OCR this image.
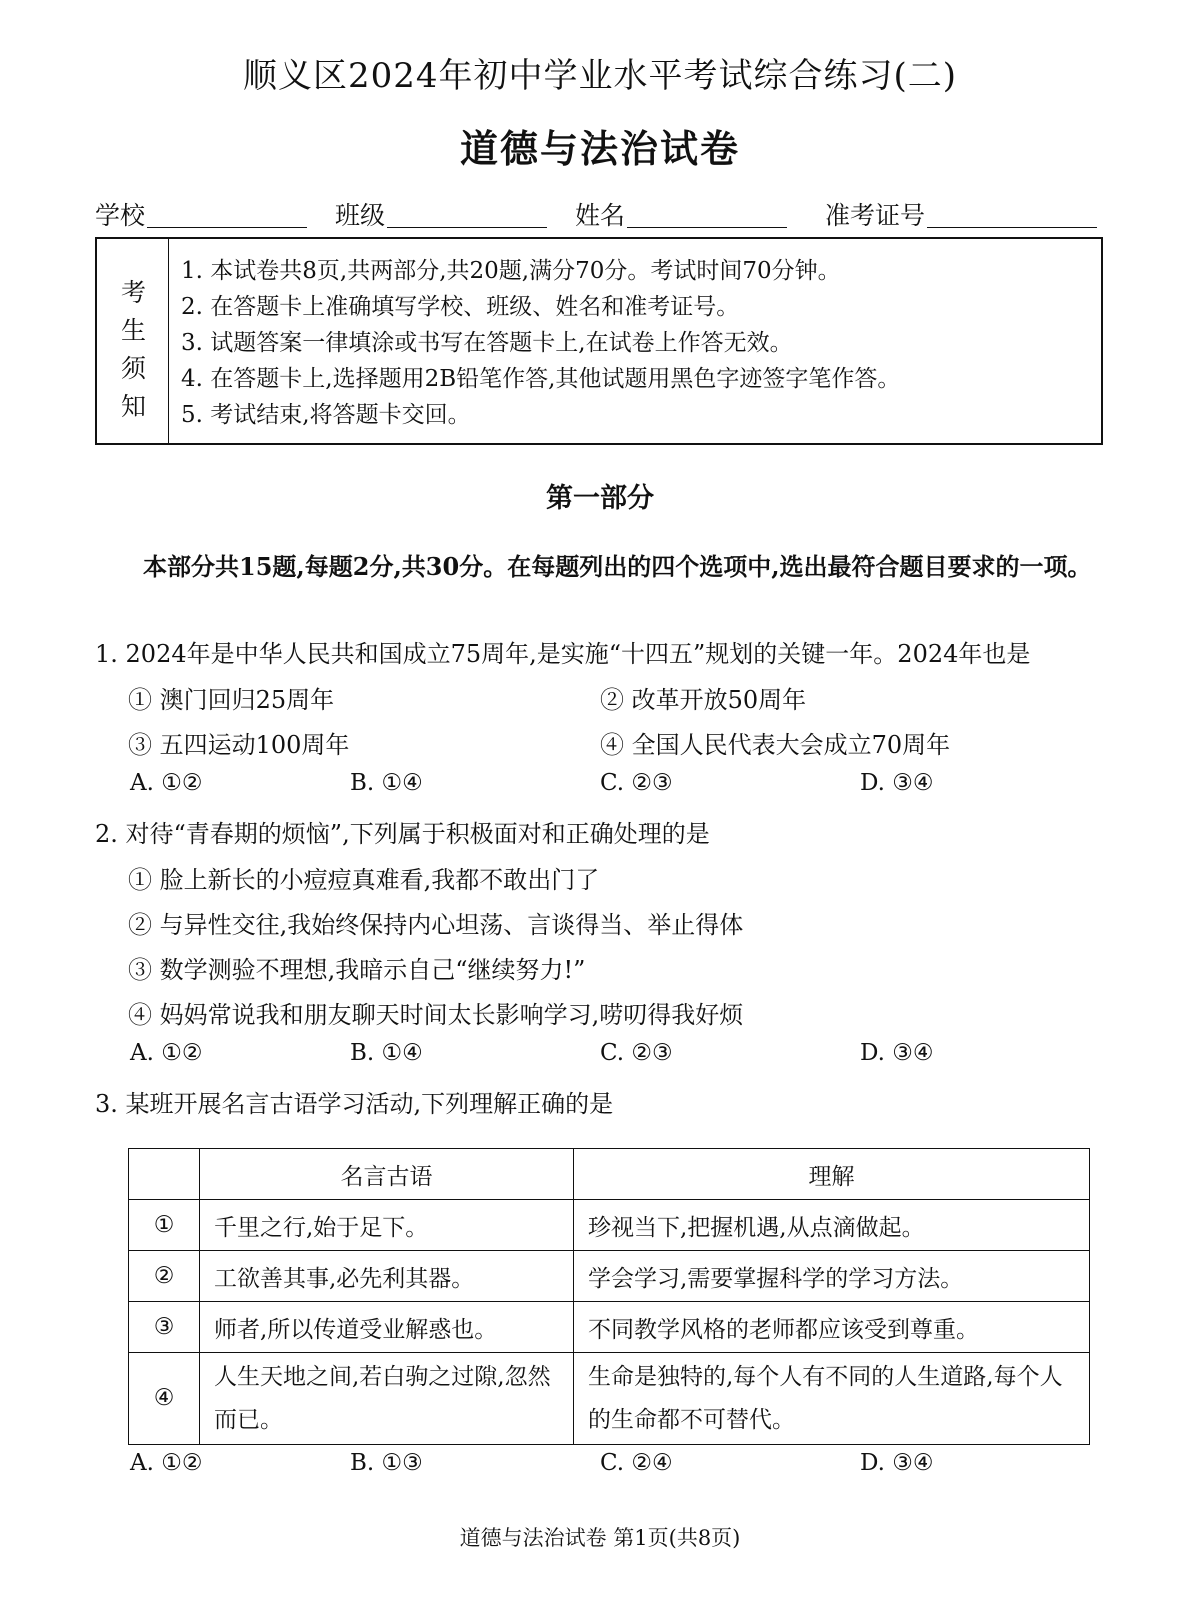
顺义区2024年初中学业水平考试综合练习(二)
道德与法治试卷
学校	班级	姓名	准考证号
考
生
须
知
1. 本试卷共8页,共两部分,共20题,满分70分。考试时间70分钟。
2. 在答题卡上准确填写学校、班级、姓名和准考证号。
3. 试题答案一律填涂或书写在答题卡上,在试卷上作答无效。
4. 在答题卡上,选择题用2B铅笔作答,其他试题用黑色字迹签字笔作答。
5. 考试结束,将答题卡交回。
第一部分
本部分共15题,每题2分,共30分。在每题列出的四个选项中,选出最符合题目要求的一项。
1. 2024年是中华人民共和国成立75周年,是实施“十四五”规划的关键一年。2024年也是
① 澳门回归25周年	② 改革开放50周年
③ 五四运动100周年	④ 全国人民代表大会成立70周年
A. ①②	B. ①④	C. ②③	D. ③④
2. 对待“青春期的烦恼”,下列属于积极面对和正确处理的是
① 脸上新长的小痘痘真难看,我都不敢出门了
② 与异性交往,我始终保持内心坦荡、言谈得当、举止得体
③ 数学测验不理想,我暗示自己“继续努力!”
④ 妈妈常说我和朋友聊天时间太长影响学习,唠叨得我好烦
A. ①②	B. ①④	C. ②③	D. ③④
3. 某班开展名言古语学习活动,下列理解正确的是
	名言古语	理解
①	千里之行,始于足下。	珍视当下,把握机遇,从点滴做起。
②	工欲善其事,必先利其器。	学会学习,需要掌握科学的学习方法。
③	师者,所以传道受业解惑也。	不同教学风格的老师都应该受到尊重。
④	人生天地之间,若白驹之过隙,忽然而已。	生命是独特的,每个人有不同的人生道路,每个人的生命都不可替代。
A. ①②	B. ①③	C. ②④	D. ③④
道德与法治试卷 第1页(共8页)
